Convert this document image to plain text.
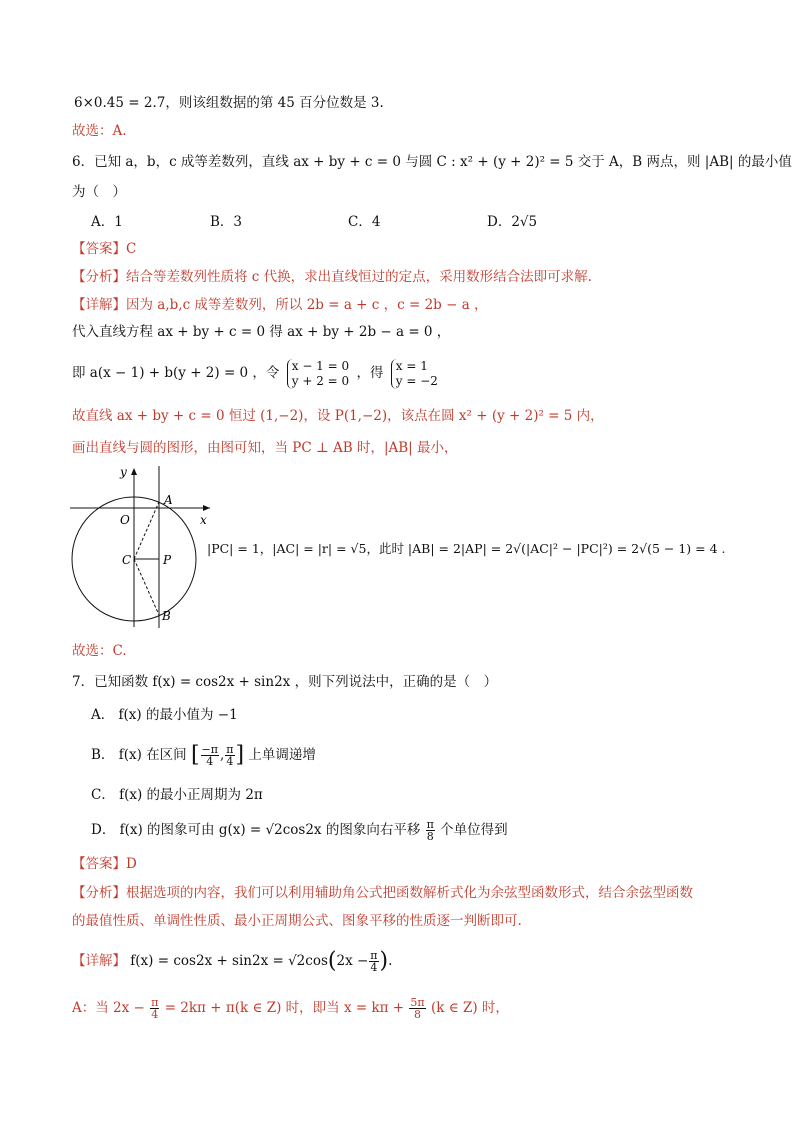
6×0.45 = 2.7，则该组数据的第 45 百分位数是 3.
故选：A.
6．已知 a，b，c 成等差数列，直线 ax + by + c = 0 与圆 C : x² + (y + 2)² = 5 交于 A，B 两点，则 |AB| 的最小值
为（　）
A．1	B．3	C．4	D．2√5
【答案】C
【分析】结合等差数列性质将 c 代换，求出直线恒过的定点，采用数形结合法即可求解.
【详解】因为 a,b,c 成等差数列，所以 2b = a + c ，c = 2b − a ，
代入直线方程 ax + by + c = 0 得 ax + by + 2b − a = 0 ，
即 a(x − 1) + b(y + 2) = 0 ，令 x − 1 = 0
y + 2 = 0 ，得 x = 1
y = −2
故直线 ax + by + c = 0 恒过 (1,−2)，设 P(1,−2)，该点在圆 x² + (y + 2)² = 5 内，
画出直线与圆的图形，由图可知，当 PC ⊥ AB 时，|AB| 最小，
y
x
O
A
C	P
B
|PC| = 1，|AC| = |r| = √5，此时 |AB| = 2|AP| = 2√(|AC|² − |PC|²) = 2√(5 − 1) = 4 .
故选：C.
7．已知函数 f(x) = cos2x + sin2x ，则下列说法中，正确的是（　）
A． f(x) 的最小值为 −1
B． f(x) 在区间 [ $\frac{-\pi}{4}$ , $\frac{\pi}{4}$ ] 上单调递增
C． f(x) 的最小正周期为 2π
D． f(x) 的图象可由 g(x) = √2cos2x 的图象向右平移 $\frac{\pi}{8}$ 个单位得到
【答案】D
【分析】根据选项的内容，我们可以利用辅助角公式把函数解析式化为余弦型函数形式，结合余弦型函数
的最值性质、单调性性质、最小正周期公式、图象平移的性质逐一判断即可.
【详解】 $f(x) = \cos 2x + \sin 2x = √2\cos(2x - \frac{\pi}{4}$ ).
A：当 $2x - \frac{\pi}{4} = 2k\pi + \pi(k$ ∈ Z) 时，即当 $x = k\pi + \frac{5\pi}{8} (k$ ∈ Z) 时，
